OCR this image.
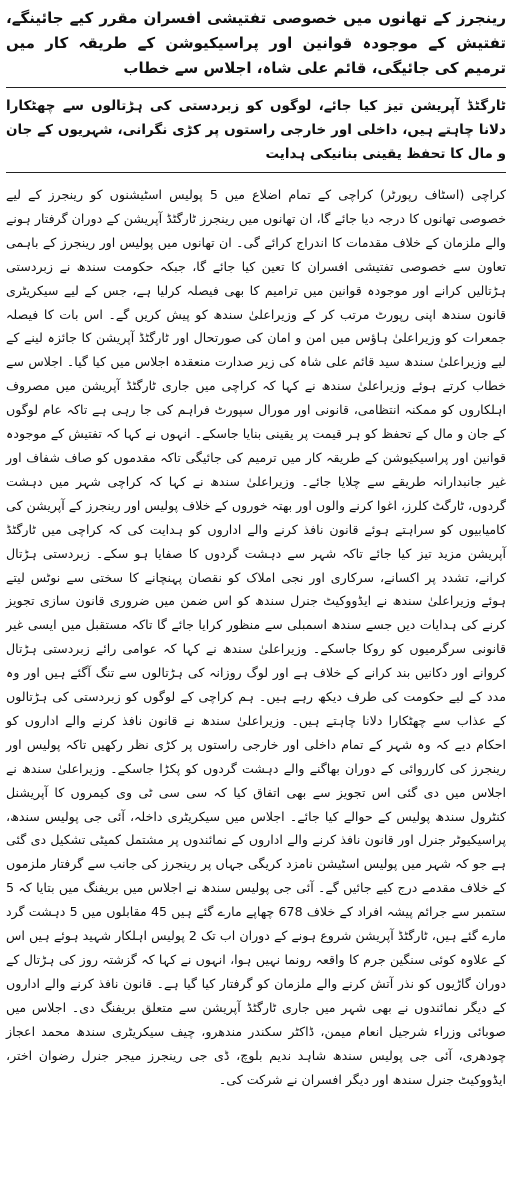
رینجرز کے تھانوں میں خصوصی تفتیشی افسران مقرر کیے جائینگے، تفتیش کے موجودہ قوانین اور پراسیکیوشن کے طریقہ کار میں ترمیم کی جائیگی، قائم علی شاہ، اجلاس سے خطاب
ٹارگٹڈ آپریشن تیز کیا جائے، لوگوں کو زبردستی کی ہڑتالوں سے چھٹکارا دلانا چاہتے ہیں، داخلی اور خارجی راستوں پر کڑی نگرانی، شہریوں کے جان و مال کا تحفظ یقینی بنانیکی ہدایت

کراچی (اسٹاف رپورٹر) کراچی کے تمام اضلاع میں 5 پولیس اسٹیشنوں کو رینجرز کے لیے خصوصی تھانوں کا درجہ دیا جائے گا، ان تھانوں میں رینجرز ٹارگٹڈ آپریشن کے دوران گرفتار ہونے والے ملزمان کے خلاف مقدمات کا اندراج کرائے گی۔ ان تھانوں میں پولیس اور رینجرز کے باہمی تعاون سے خصوصی تفتیشی افسران کا تعین کیا جائے گا، جبکہ حکومت سندھ نے زبردستی ہڑتالیں کرانے اور موجودہ قوانین میں ترامیم کا بھی فیصلہ کرلیا ہے، جس کے لیے سیکریٹری قانون سندھ اپنی رپورٹ مرتب کر کے وزیراعلیٰ سندھ کو پیش کریں گے۔ اس بات کا فیصلہ جمعرات کو وزیراعلیٰ ہاؤس میں امن و امان کی صورتحال اور ٹارگٹڈ آپریشن کا جائزہ لینے کے لیے وزیراعلیٰ سندھ سید قائم علی شاہ کی زیر صدارت منعقدہ اجلاس میں کیا گیا۔ اجلاس سے خطاب کرتے ہوئے وزیراعلیٰ سندھ نے کہا کہ کراچی میں جاری ٹارگٹڈ آپریشن میں مصروف اہلکاروں کو ممکنہ انتظامی، قانونی اور مورال سپورٹ فراہم کی جا رہی ہے تاکہ عام لوگوں کے جان و مال کے تحفظ کو ہر قیمت پر یقینی بنایا جاسکے۔ انہوں نے کہا کہ تفتیش کے موجودہ قوانین اور پراسیکیوشن کے طریقہ کار میں ترمیم کی جائیگی تاکہ مقدموں کو صاف شفاف اور غیر جانبدارانہ طریقے سے چلایا جائے۔ وزیراعلیٰ سندھ نے کہا کہ کراچی شہر میں دہشت گردوں، ٹارگٹ کلرز، اغوا کرنے والوں اور بھتہ خوروں کے خلاف پولیس اور رینجرز کے آپریشن کی کامیابیوں کو سراہتے ہوئے قانون نافذ کرنے والے اداروں کو ہدایت کی کہ کراچی میں ٹارگٹڈ آپریشن مزید تیز کیا جائے تاکہ شہر سے دہشت گردوں کا صفایا ہو سکے۔ زبردستی ہڑتال کرانے، تشدد پر اکسانے، سرکاری اور نجی املاک کو نقصان پہنچانے کا سختی سے نوٹس لیتے ہوئے وزیراعلیٰ سندھ نے ایڈووکیٹ جنرل سندھ کو اس ضمن میں ضروری قانون سازی تجویز کرنے کی ہدایات دیں جسے سندھ اسمبلی سے منظور کرایا جائے گا تاکہ مستقبل میں ایسی غیر قانونی سرگرمیوں کو روکا جاسکے۔ وزیراعلیٰ سندھ نے کہا کہ عوامی رائے زبردستی ہڑتال کروانے اور دکانیں بند کرانے کے خلاف ہے اور لوگ روزانہ کی ہڑتالوں سے تنگ آگئے ہیں اور وہ مدد کے لیے حکومت کی طرف دیکھ رہے ہیں۔ ہم کراچی کے لوگوں کو زبردستی کی ہڑتالوں کے عذاب سے چھٹکارا دلانا چاہتے ہیں۔ وزیراعلیٰ سندھ نے قانون نافذ کرنے والے اداروں کو احکام دیے کہ وہ شہر کے تمام داخلی اور خارجی راستوں پر کڑی نظر رکھیں تاکہ پولیس اور رینجرز کی کارروائی کے دوران بھاگنے والے دہشت گردوں کو پکڑا جاسکے۔ وزیراعلیٰ سندھ نے اجلاس میں دی گئی اس تجویز سے بھی اتفاق کیا کہ سی سی ٹی وی کیمروں کا آپریشنل کنٹرول سندھ پولیس کے حوالے کیا جائے۔ اجلاس میں سیکریٹری داخلہ، آئی جی پولیس سندھ، پراسیکیوٹر جنرل اور قانون نافذ کرنے والے اداروں کے نمائندوں پر مشتمل کمیٹی تشکیل دی گئی ہے جو کہ شہر میں پولیس اسٹیشن نامزد کریگی جہاں پر رینجرز کی جانب سے گرفتار ملزموں کے خلاف مقدمے درج کیے جائیں گے۔ آئی جی پولیس سندھ نے اجلاس میں بریفنگ میں بتایا کہ 5 ستمبر سے جرائم پیشہ افراد کے خلاف 678 چھاپے مارے گئے ہیں 45 مقابلوں میں 5 دہشت گرد مارے گئے ہیں، ٹارگٹڈ آپریشن شروع ہونے کے دوران اب تک 2 پولیس اہلکار شہید ہوئے ہیں اس کے علاوہ کوئی سنگین جرم کا واقعہ رونما نہیں ہوا، انہوں نے کہا کہ گزشتہ روز کی ہڑتال کے دوران گاڑیوں کو نذر آتش کرنے والے ملزمان کو گرفتار کیا گیا ہے۔ قانون نافذ کرنے والے اداروں کے دیگر نمائندوں نے بھی شہر میں جاری ٹارگٹڈ آپریشن سے متعلق بریفنگ دی۔ اجلاس میں صوبائی وزراء شرجیل انعام میمن، ڈاکٹر سکندر مندھرو، چیف سیکریٹری سندھ محمد اعجاز چودھری، آئی جی پولیس سندھ شاہد ندیم بلوچ، ڈی جی رینجرز میجر جنرل رضوان اختر، ایڈووکیٹ جنرل سندھ اور دیگر افسران نے شرکت کی۔
